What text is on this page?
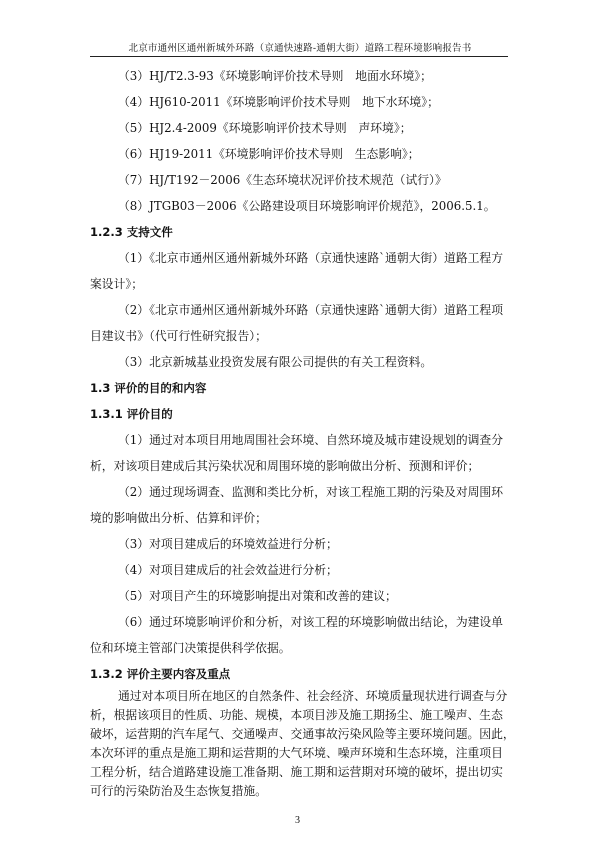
北京市通州区通州新城外环路（京通快速路-通朝大街）道路工程环境影响报告书
（3）HJ/T2.3-93《环境影响评价技术导则　地面水环境》；
（4）HJ610-2011《环境影响评价技术导则　地下水环境》；
（5）HJ2.4-2009《环境影响评价技术导则　声环境》；
（6）HJ19-2011《环境影响评价技术导则　生态影响》；
（7）HJ/T192－2006《生态环境状况评价技术规范（试行）》
（8）JTGB03－2006《公路建设项目环境影响评价规范》，2006.5.1。
1.2.3 支持文件
（1）《北京市通州区通州新城外环路（京通快速路`通朝大街）道路工程方
案设计》；
（2）《北京市通州区通州新城外环路（京通快速路`通朝大街）道路工程项
目建议书》（代可行性研究报告）；
（3）北京新城基业投资发展有限公司提供的有关工程资料。
1.3 评价的目的和内容
1.3.1 评价目的
（1）通过对本项目用地周围社会环境、自然环境及城市建设规划的调查分
析，对该项目建成后其污染状况和周围环境的影响做出分析、预测和评价；
（2）通过现场调查、监测和类比分析，对该工程施工期的污染及对周围环
境的影响做出分析、估算和评价；
（3）对项目建成后的环境效益进行分析；
（4）对项目建成后的社会效益进行分析；
（5）对项目产生的环境影响提出对策和改善的建议；
（6）通过环境影响评价和分析，对该工程的环境影响做出结论，为建设单
位和环境主管部门决策提供科学依据。
1.3.2 评价主要内容及重点
通过对本项目所在地区的自然条件、社会经济、环境质量现状进行调查与分
3
析，根据该项目的性质、功能、规模，本项目涉及施工期扬尘、施工噪声、生态
破坏，运营期的汽车尾气、交通噪声、交通事故污染风险等主要环境问题。因此，
本次环评的重点是施工期和运营期的大气环境、噪声环境和生态环境，注重项目
工程分析，结合道路建设施工准备期、施工期和运营期对环境的破坏，提出切实
可行的污染防治及生态恢复措施。
